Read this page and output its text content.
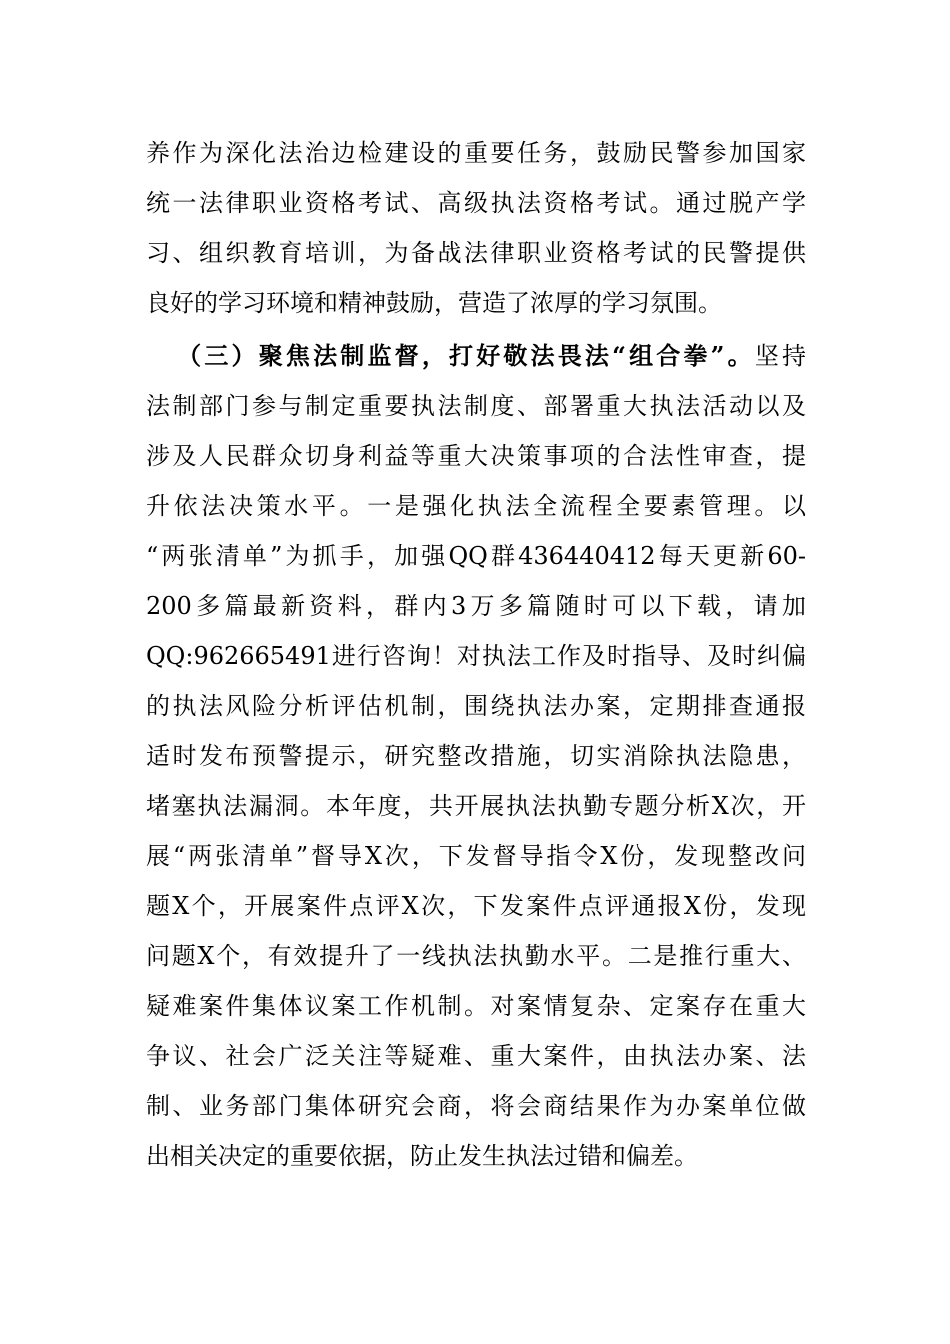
养作为深化法治边检建设的重要任务，鼓励民警参加国家
统一法律职业资格考试、高级执法资格考试。通过脱产学
习、组织教育培训，为备战法律职业资格考试的民警提供
良好的学习环境和精神鼓励，营造了浓厚的学习氛围。
（三）聚焦法制监督，打好敬法畏法“组合拳”。坚持
法制部门参与制定重要执法制度、部署重大执法活动以及
涉及人民群众切身利益等重大决策事项的合法性审查，提
升依法决策水平。一是强化执法全流程全要素管理。以
“两张清单”为抓手，加强QQ群436440412每天更新60-
200多篇最新资料，群内3万多篇随时可以下载，请加
QQ:962665491进行咨询！对执法工作及时指导、及时纠偏
的执法风险分析评估机制，围绕执法办案，定期排查通报
适时发布预警提示，研究整改措施，切实消除执法隐患，
堵塞执法漏洞。本年度，共开展执法执勤专题分析X次，开
展“两张清单”督导X次，下发督导指令X份，发现整改问
题X个，开展案件点评X次，下发案件点评通报X份，发现
问题X个，有效提升了一线执法执勤水平。二是推行重大、
疑难案件集体议案工作机制。对案情复杂、定案存在重大
争议、社会广泛关注等疑难、重大案件，由执法办案、法
制、业务部门集体研究会商，将会商结果作为办案单位做
出相关决定的重要依据，防止发生执法过错和偏差。
